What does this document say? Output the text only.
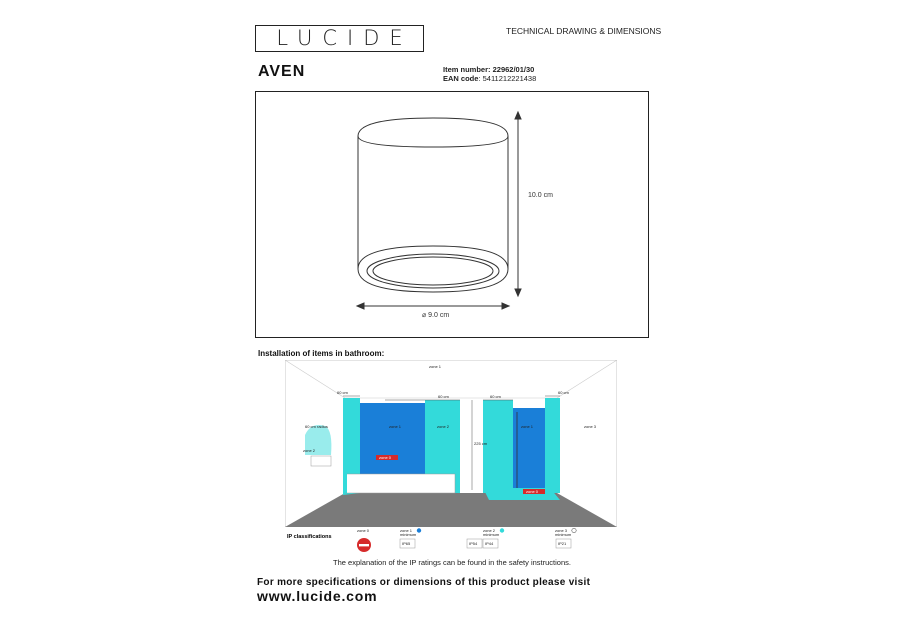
LUCIDE	TECHNICAL DRAWING & DIMENSIONS
AVEN	Item number: 22962/01/30
EAN code: 5411212221438
10.0 cm
⌀ 9.0 cm
Installation of items in bathroom:
zone 0
zone 0
225 cm
zone 1
60 cm
60 cm	60 cm
60 cm
60 cm radius	zone 1	zone 2	zone 1	zone 3
zone 2
IP classifications
zone 0	zone 1
minimum
IP65
zone 2
minimum
IP54 IP44
zone 3
minimum
IP21
The explanation of the IP ratings can be found in the safety instructions.
For more specifications or dimensions of this product please visit
www.lucide.com
